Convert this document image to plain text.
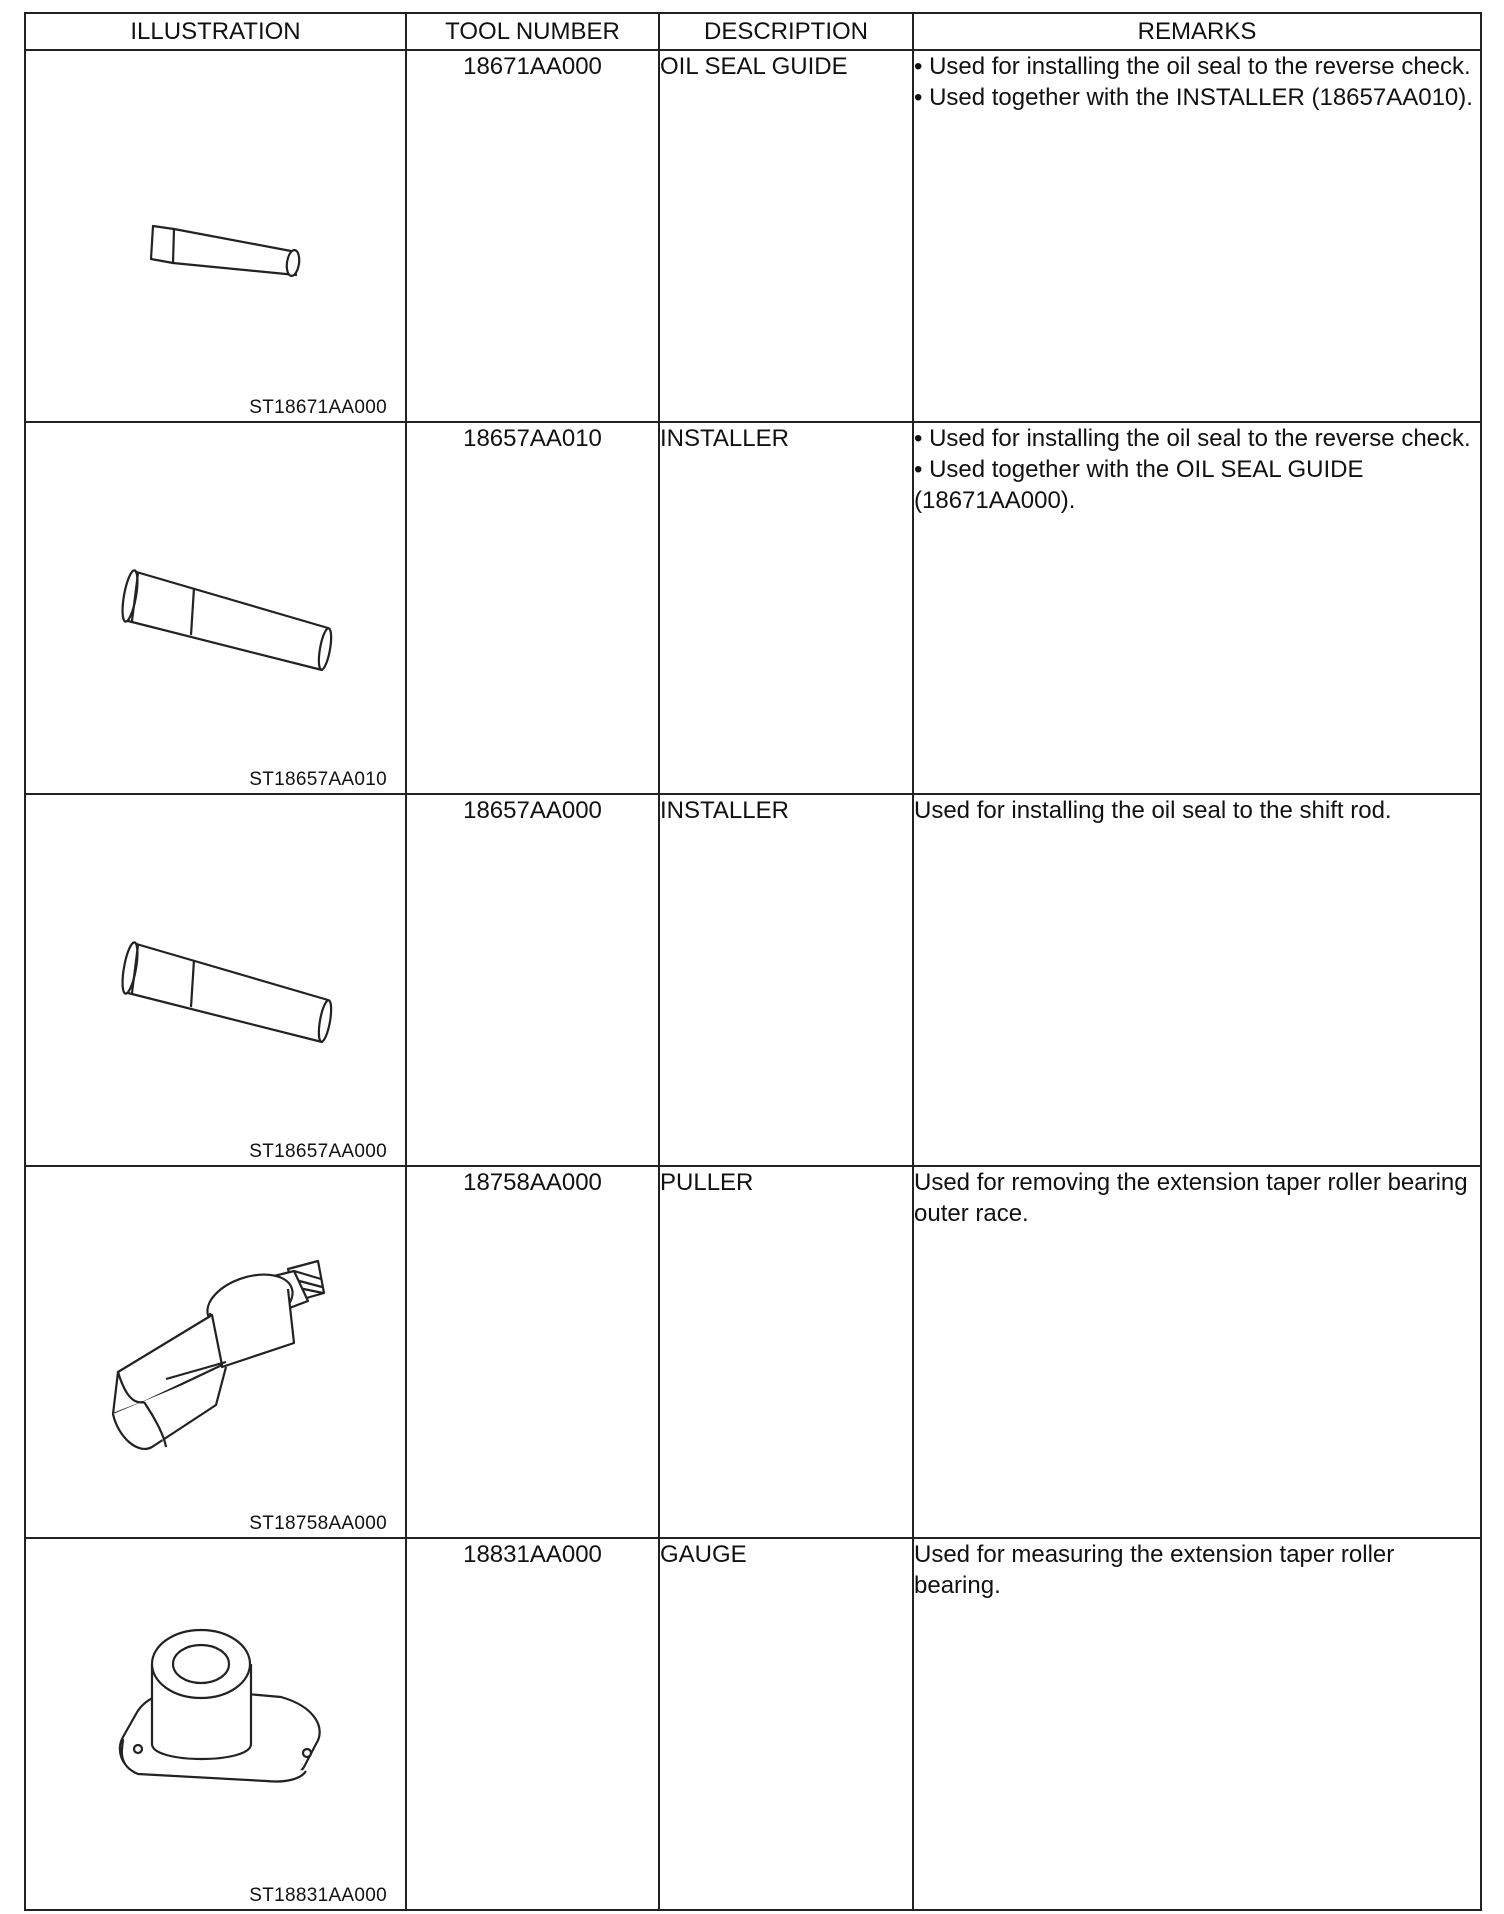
ILLUSTRATION	TOOL NUMBER	DESCRIPTION	REMARKS

ST18671AA000	18671AA000	OIL SEAL GUIDE	• Used for installing the oil seal to the reverse check.

• Used together with the INSTALLER (18657AA010).

ST18657AA010	18657AA010	INSTALLER	• Used for installing the oil seal to the reverse check.

• Used together with the OIL SEAL GUIDE (18671AA000).

ST18657AA000	18657AA000	INSTALLER	Used for installing the oil seal to the shift rod.

ST18758AA000	18758AA000	PULLER	Used for removing the extension taper roller bearing outer race.

ST18831AA000	18831AA000	GAUGE	Used for measuring the extension taper roller bearing.
